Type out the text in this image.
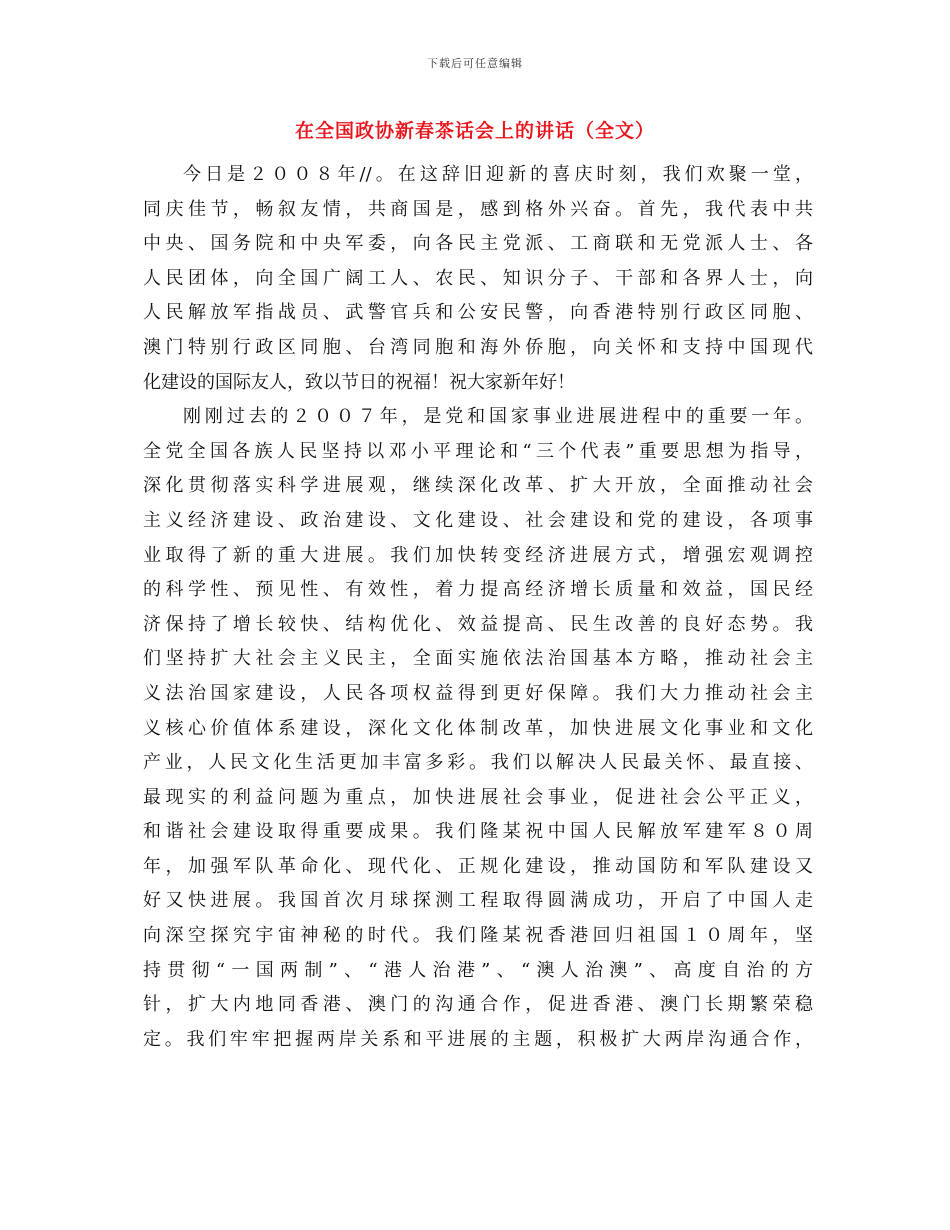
下载后可任意编辑
在全国政协新春茶话会上的讲话（全文）
今日是２００８年//。在这辞旧迎新的喜庆时刻，我们欢聚一堂，
同庆佳节，畅叙友情，共商国是，感到格外兴奋。首先，我代表中共
中央、国务院和中央军委，向各民主党派、工商联和无党派人士、各
人民团体，向全国广阔工人、农民、知识分子、干部和各界人士，向
人民解放军指战员、武警官兵和公安民警，向香港特别行政区同胞、
澳门特别行政区同胞、台湾同胞和海外侨胞，向关怀和支持中国现代
化建设的国际友人，致以节日的祝福！祝大家新年好！
刚刚过去的２００７年，是党和国家事业进展进程中的重要一年。
全党全国各族人民坚持以邓小平理论和“三个代表”重要思想为指导，
深化贯彻落实科学进展观，继续深化改革、扩大开放，全面推动社会
主义经济建设、政治建设、文化建设、社会建设和党的建设，各项事
业取得了新的重大进展。我们加快转变经济进展方式，增强宏观调控
的科学性、预见性、有效性，着力提高经济增长质量和效益，国民经
济保持了增长较快、结构优化、效益提高、民生改善的良好态势。我
们坚持扩大社会主义民主，全面实施依法治国基本方略，推动社会主
义法治国家建设，人民各项权益得到更好保障。我们大力推动社会主
义核心价值体系建设，深化文化体制改革，加快进展文化事业和文化
产业，人民文化生活更加丰富多彩。我们以解决人民最关怀、最直接、
最现实的利益问题为重点，加快进展社会事业，促进社会公平正义，
和谐社会建设取得重要成果。我们隆某祝中国人民解放军建军８０周
年，加强军队革命化、现代化、正规化建设，推动国防和军队建设又
好又快进展。我国首次月球探测工程取得圆满成功，开启了中国人走
向深空探究宇宙神秘的时代。我们隆某祝香港回归祖国１０周年，坚
持贯彻“一国两制”、“港人治港”、“澳人治澳”、高度自治的方
针，扩大内地同香港、澳门的沟通合作，促进香港、澳门长期繁荣稳
定。我们牢牢把握两岸关系和平进展的主题，积极扩大两岸沟通合作，
